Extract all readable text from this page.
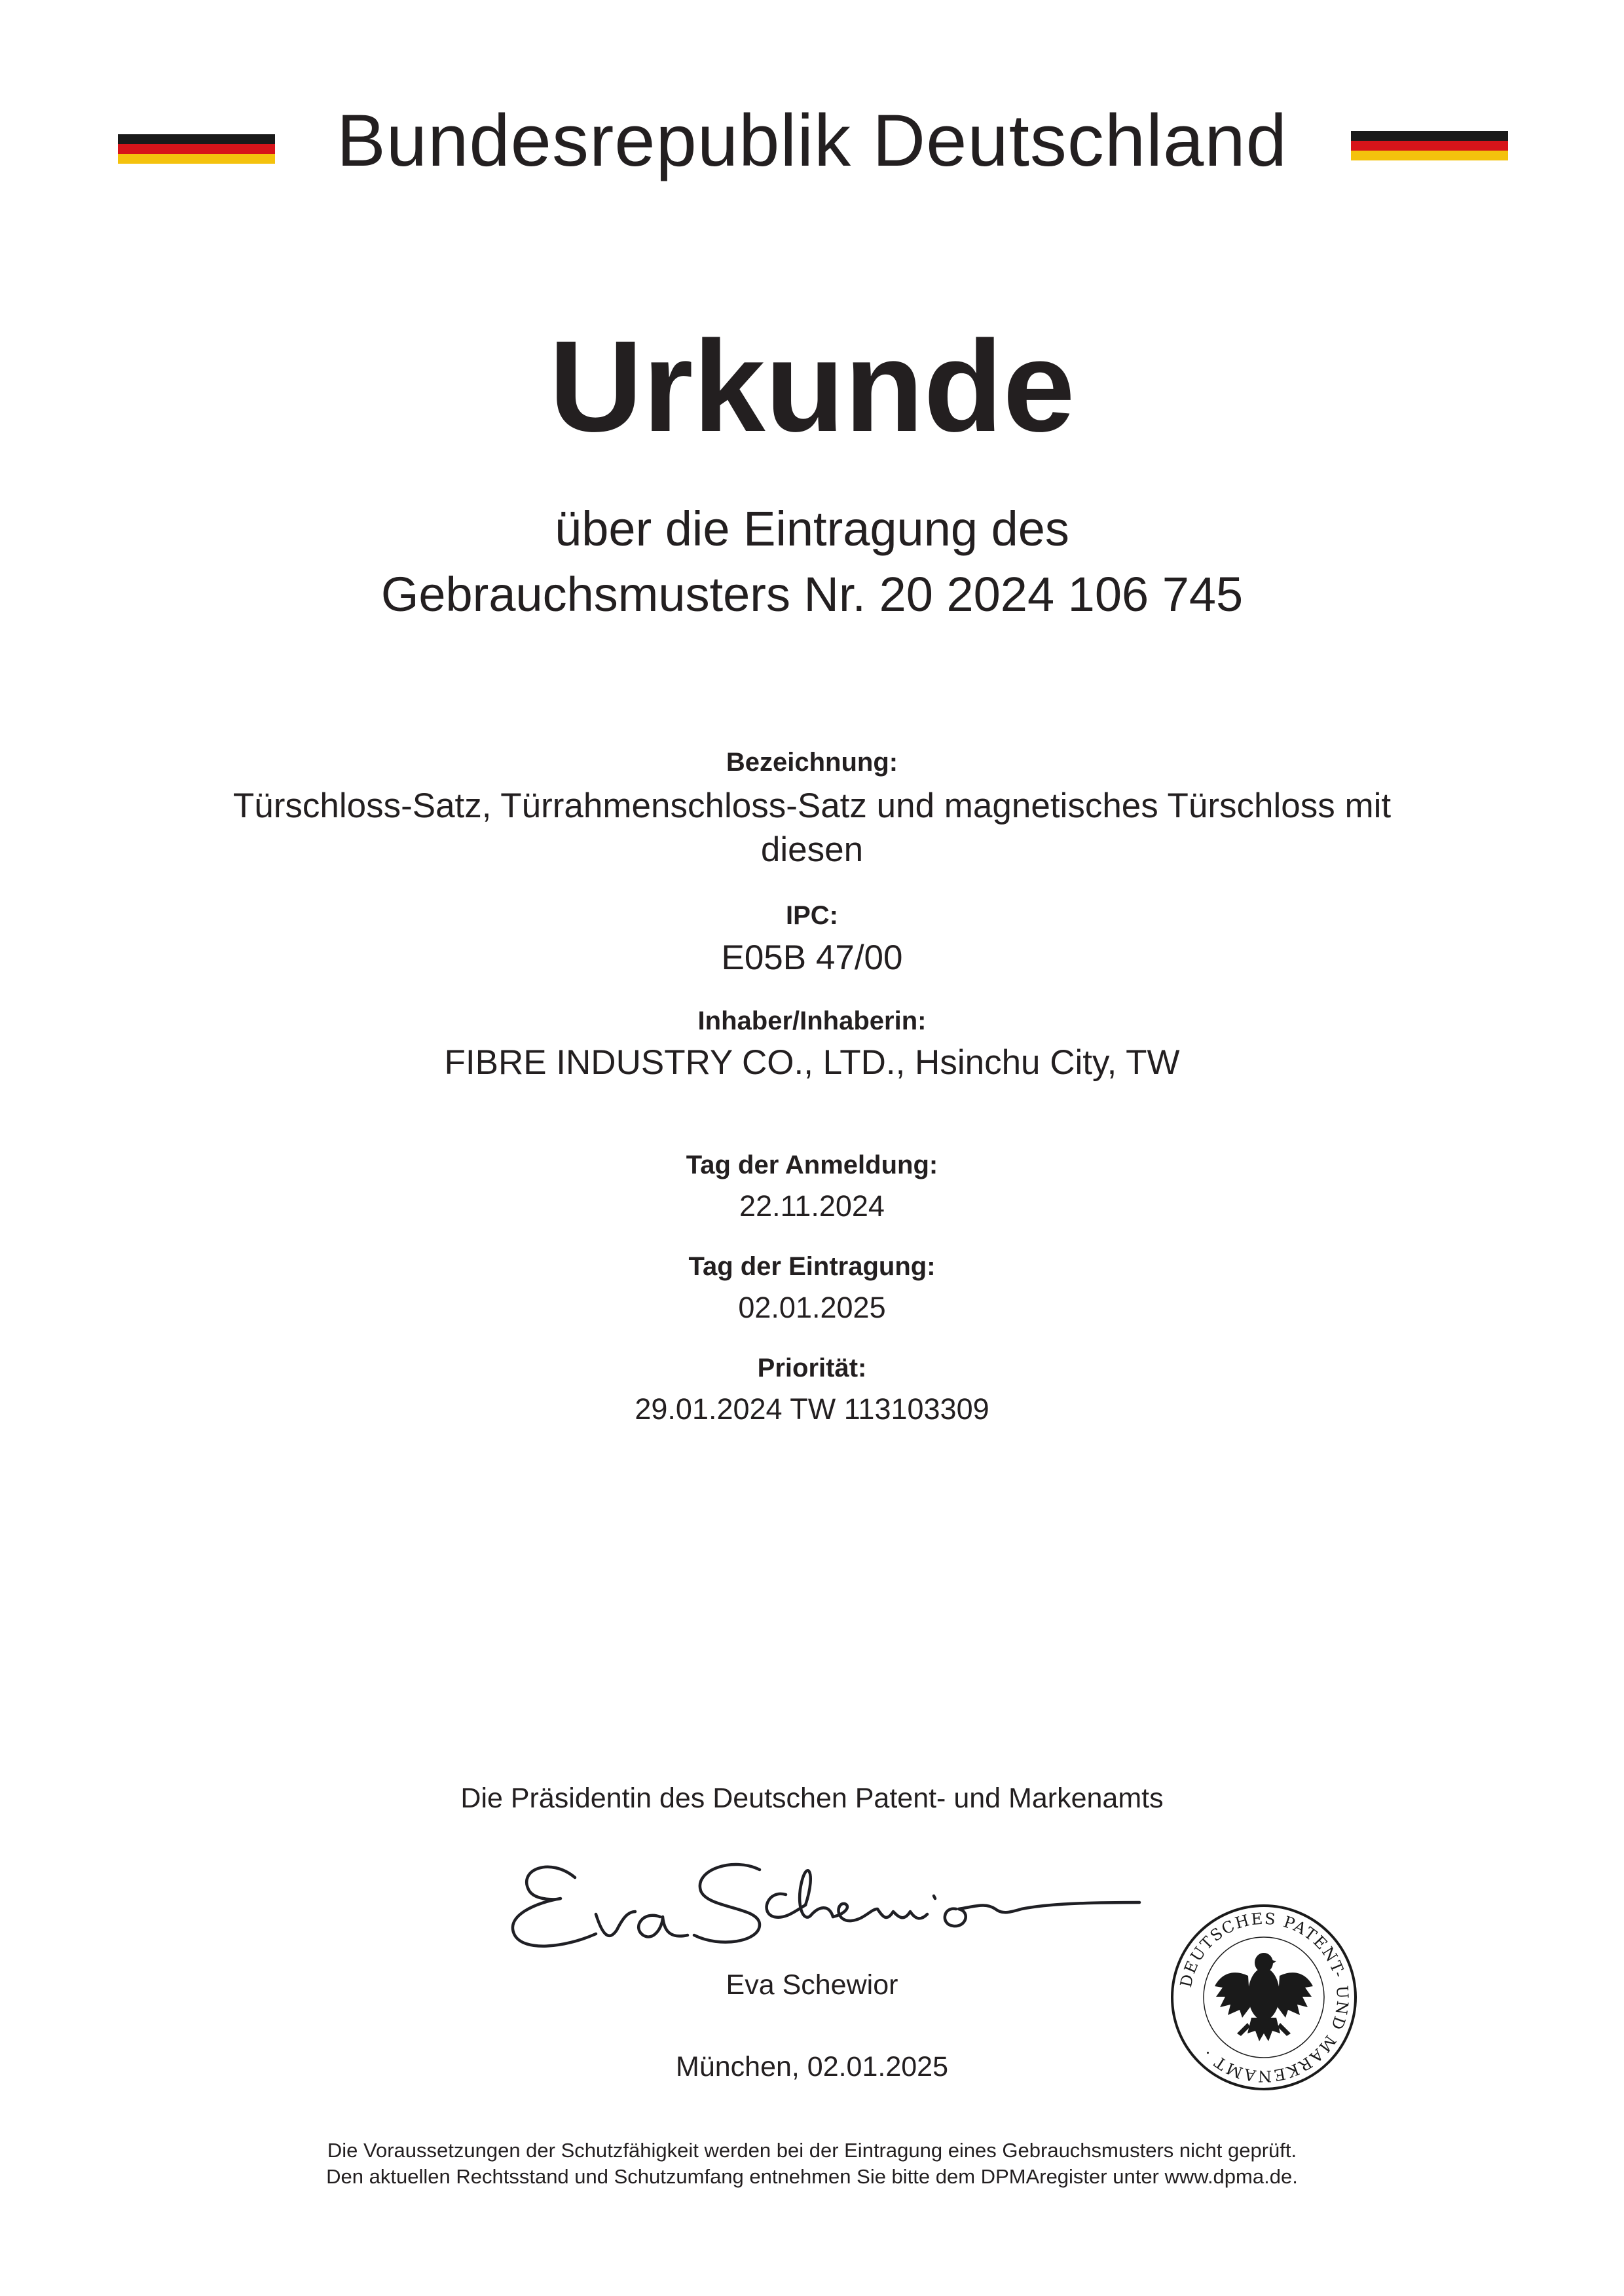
Bundesrepublik Deutschland
Urkunde
über die Eintragung des
Gebrauchsmusters Nr. 20 2024 106 745
Bezeichnung:
Türschloss-Satz, Türrahmenschloss-Satz und magnetisches Türschloss mit
diesen
IPC:
E05B 47/00
Inhaber/Inhaberin:
FIBRE INDUSTRY CO., LTD., Hsinchu City, TW
Tag der Anmeldung:
22.11.2024
Tag der Eintragung:
02.01.2025
Priorität:
29.01.2024 TW 113103309
Die Präsidentin des Deutschen Patent- und Markenamts
Eva Schewior
München, 02.01.2025
DEUTSCHES PATENT- UND MARKENAMT ·
Die Voraussetzungen der Schutzfähigkeit werden bei der Eintragung eines Gebrauchsmusters nicht geprüft.
Den aktuellen Rechtsstand und Schutzumfang entnehmen Sie bitte dem DPMAregister unter www.dpma.de.
